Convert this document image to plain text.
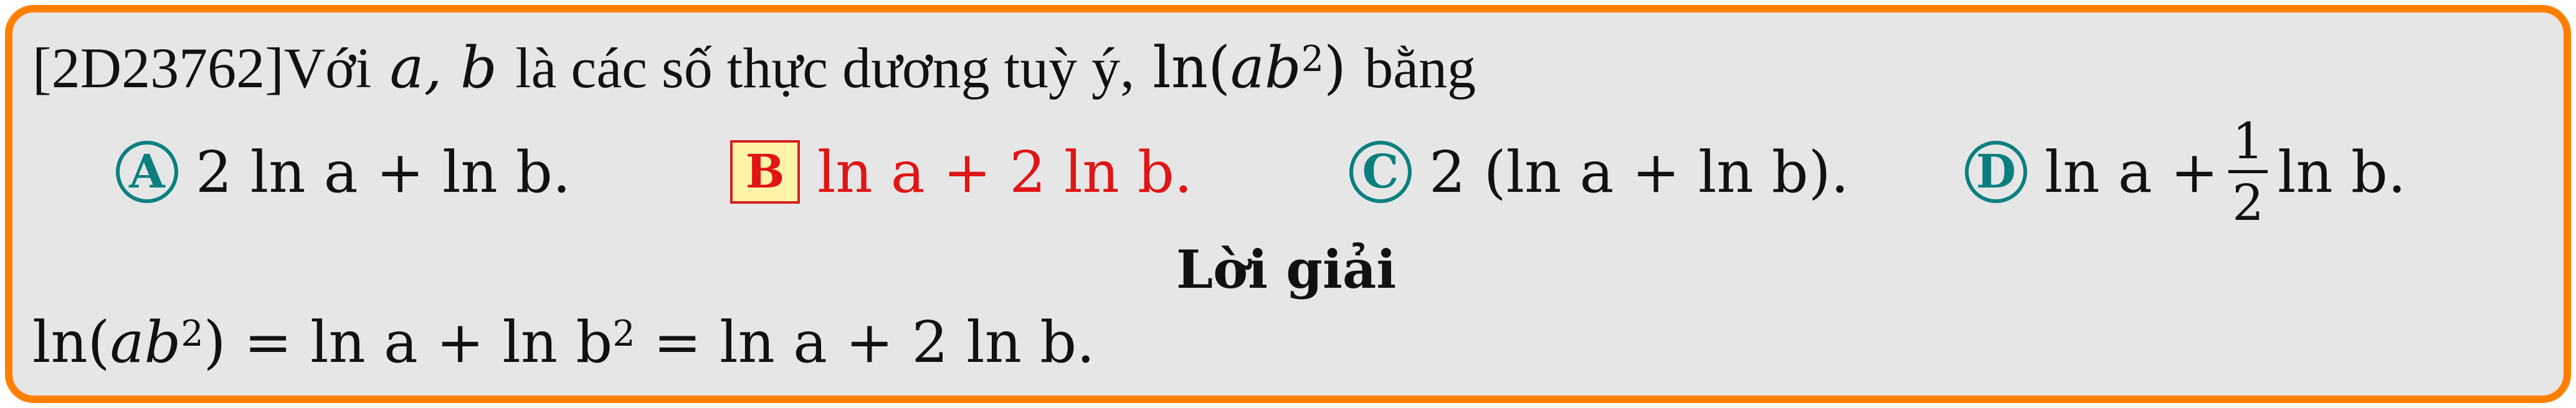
[2D23762]Với a, b là các số thực dương tuỳ ý, $\ln(ab^2)$ bằng
A 2 ln a + ln b.	B ln a + 2 ln b.	C 2 (ln a + ln b).	D $\ln a + \frac{1}{2}$ ln b.
Lời giải
$\ln(ab^2) = \ln a + \ln b^2 = \ln a + 2$ ln b.
